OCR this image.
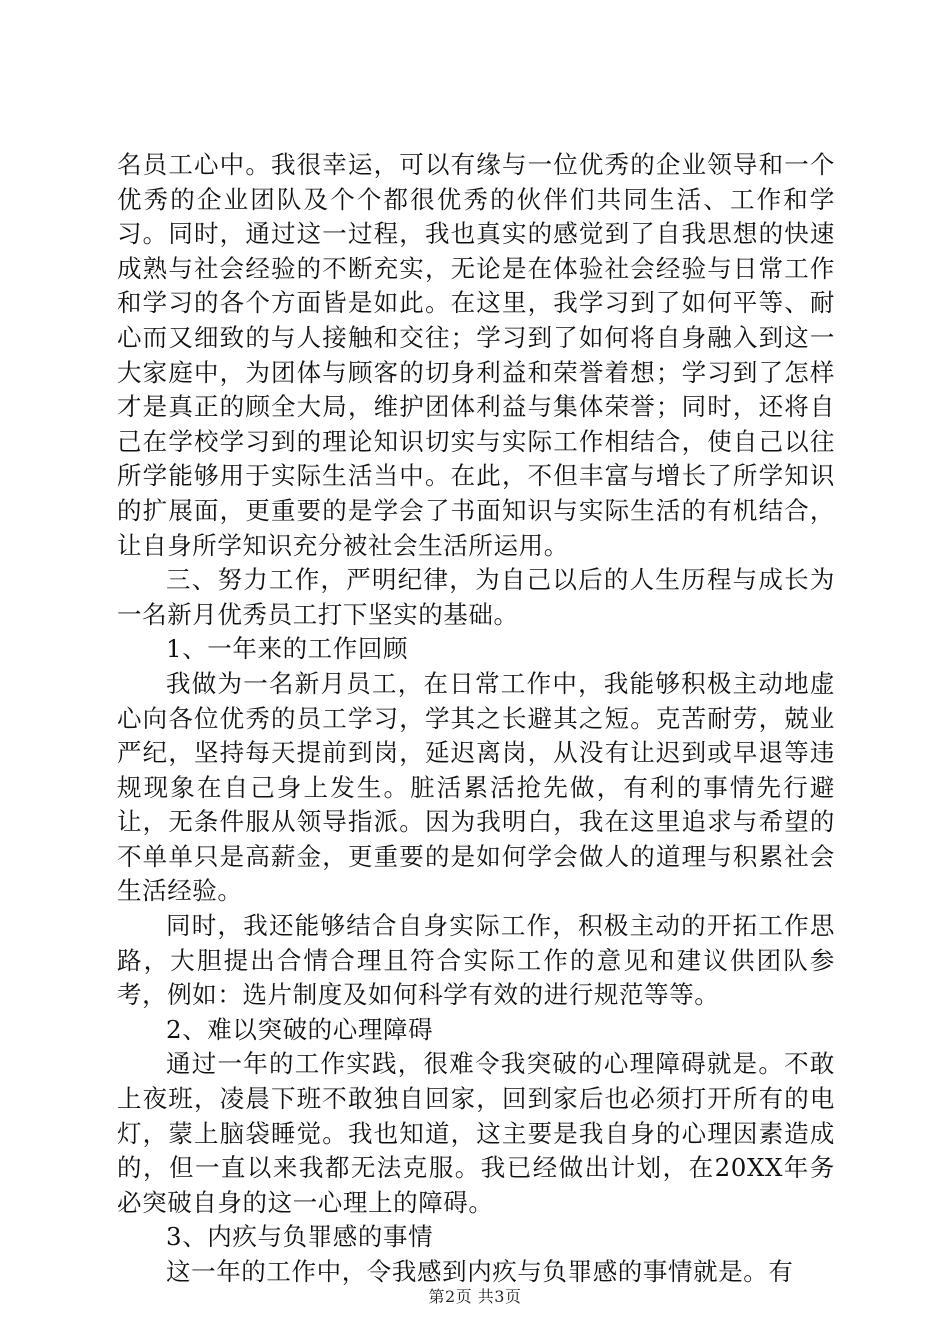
名员工心中。我很幸运，可以有缘与一位优秀的企业领导和一个优秀的企业团队及个个都很优秀的伙伴们共同生活、工作和学习。同时，通过这一过程，我也真实的感觉到了自我思想的快速成熟与社会经验的不断充实，无论是在体验社会经验与日常工作和学习的各个方面皆是如此。在这里，我学习到了如何平等、耐心而又细致的与人接触和交往；学习到了如何将自身融入到这一大家庭中，为团体与顾客的切身利益和荣誉着想；学习到了怎样才是真正的顾全大局，维护团体利益与集体荣誉；同时，还将自己在学校学习到的理论知识切实与实际工作相结合，使自己以往所学能够用于实际生活当中。在此，不但丰富与增长了所学知识的扩展面，更重要的是学会了书面知识与实际生活的有机结合，让自身所学知识充分被社会生活所运用。

三、努力工作，严明纪律，为自己以后的人生历程与成长为一名新月优秀员工打下坚实的基础。

1、一年来的工作回顾

我做为一名新月员工，在日常工作中，我能够积极主动地虚心向各位优秀的员工学习，学其之长避其之短。克苦耐劳，兢业严纪，坚持每天提前到岗，延迟离岗，从没有让迟到或早退等违规现象在自己身上发生。脏活累活抢先做，有利的事情先行避让，无条件服从领导指派。因为我明白，我在这里追求与希望的不单单只是高薪金，更重要的是如何学会做人的道理与积累社会生活经验。

同时，我还能够结合自身实际工作，积极主动的开拓工作思路，大胆提出合情合理且符合实际工作的意见和建议供团队参考，例如：选片制度及如何科学有效的进行规范等等。

2、难以突破的心理障碍

通过一年的工作实践，很难令我突破的心理障碍就是。不敢上夜班，凌晨下班不敢独自回家，回到家后也必须打开所有的电灯，蒙上脑袋睡觉。我也知道，这主要是我自身的心理因素造成的，但一直以来我都无法克服。我已经做出计划，在20XX年务必突破自身的这一心理上的障碍。

3、内疚与负罪感的事情

这一年的工作中，令我感到内疚与负罪感的事情就是。有

第2页 共3页
